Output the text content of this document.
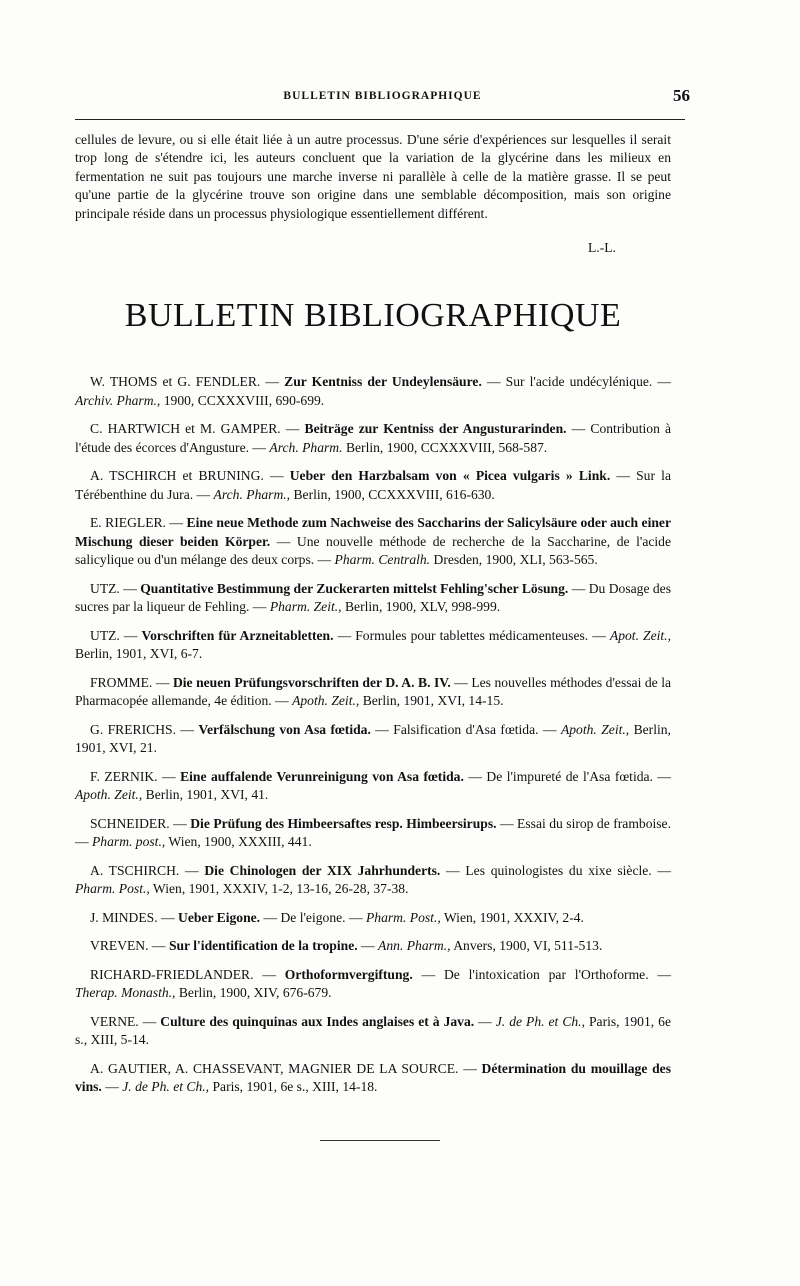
BULLETIN BIBLIOGRAPHIQUE	56

cellules de levure, ou si elle était liée à un autre processus. D'une série d'expériences sur lesquelles il serait trop long de s'étendre ici, les auteurs concluent que la variation de la glycérine dans les milieux en fermentation ne suit pas toujours une marche inverse ni parallèle à celle de la matière grasse. Il se peut qu'une partie de la glycérine trouve son origine dans une semblable décomposition, mais son origine principale réside dans un processus physiologique essentiellement différent.

L.-L.
BULLETIN BIBLIOGRAPHIQUE

W. THOMS et G. FENDLER. — Zur Kentniss der Undeylensäure. — Sur l'acide undécylénique. — Archiv. Pharm., 1900, CCXXXVIII, 690-699.

C. HARTWICH et M. GAMPER. — Beiträge zur Kentniss der Angusturarinden. — Contribution à l'étude des écorces d'Angusture. — Arch. Pharm. Berlin, 1900, CCXXXVIII, 568-587.

A. TSCHIRCH et BRUNING. — Ueber den Harzbalsam von « Picea vulgaris » Link. — Sur la Térébenthine du Jura. — Arch. Pharm., Berlin, 1900, CCXXXVIII, 616-630.

E. RIEGLER. — Eine neue Methode zum Nachweise des Saccharins der Salicylsäure oder auch einer Mischung dieser beiden Körper. — Une nouvelle méthode de recherche de la Saccharine, de l'acide salicylique ou d'un mélange des deux corps. — Pharm. Centralh. Dresden, 1900, XLI, 563-565.

UTZ. — Quantitative Bestimmung der Zuckerarten mittelst Fehling'scher Lösung. — Du Dosage des sucres par la liqueur de Fehling. — Pharm. Zeit., Berlin, 1900, XLV, 998-999.

UTZ. — Vorschriften für Arzneitabletten. — Formules pour tablettes médicamenteuses. — Apot. Zeit., Berlin, 1901, XVI, 6-7.

FROMME. — Die neuen Prüfungsvorschriften der D. A. B. IV. — Les nouvelles méthodes d'essai de la Pharmacopée allemande, 4e édition. — Apoth. Zeit., Berlin, 1901, XVI, 14-15.

G. FRERICHS. — Verfälschung von Asa fœtida. — Falsification d'Asa fœtida. — Apoth. Zeit., Berlin, 1901, XVI, 21.

F. ZERNIK. — Eine auffalende Verunreinigung von Asa fœtida. — De l'impureté de l'Asa fœtida. — Apoth. Zeit., Berlin, 1901, XVI, 41.

SCHNEIDER. — Die Prüfung des Himbeersaftes resp. Himbeersirups. — Essai du sirop de framboise. — Pharm. post., Wien, 1900, XXXIII, 441.

A. TSCHIRCH. — Die Chinologen der XIX Jahrhunderts. — Les quinologistes du xixe siècle. — Pharm. Post., Wien, 1901, XXXIV, 1-2, 13-16, 26-28, 37-38.

J. MINDES. — Ueber Eigone. — De l'eigone. — Pharm. Post., Wien, 1901, XXXIV, 2-4.

VREVEN. — Sur l'identification de la tropine. — Ann. Pharm., Anvers, 1900, VI, 511-513.

RICHARD-FRIEDLANDER. — Orthoformvergiftung. — De l'intoxication par l'Orthoforme. — Therap. Monasth., Berlin, 1900, XIV, 676-679.

VERNE. — Culture des quinquinas aux Indes anglaises et à Java. — J. de Ph. et Ch., Paris, 1901, 6e s., XIII, 5-14.

A. GAUTIER, A. CHASSEVANT, MAGNIER DE LA SOURCE. — Détermination du mouillage des vins. — J. de Ph. et Ch., Paris, 1901, 6e s., XIII, 14-18.
